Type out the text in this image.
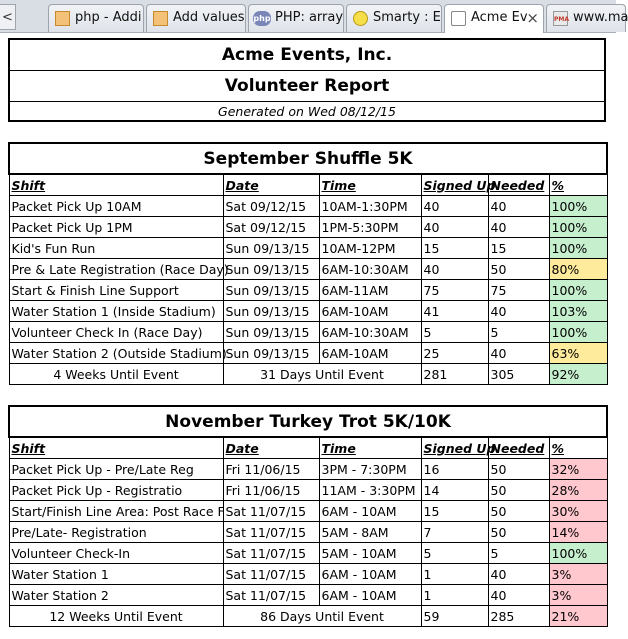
<	php - Addi	Add values php PHP: array	Smarty : E	Acme Ev
×	PMA www.ma
Acme Events, Inc.
Volunteer Report
Generated on Wed 08/12/15
September Shuffle 5K					
Shift	Date	Time	Signed Up	Needed	%
Packet Pick Up 10AM	Sat 09/12/15	10AM-1:30PM	40	40	100%
Packet Pick Up 1PM	Sat 09/12/15	1PM-5:30PM	40	40	100%
Kid's Fun Run	Sun 09/13/15	10AM-12PM	15	15	100%
Pre & Late Registration (Race Day)	Sun 09/13/15	6AM-10:30AM	40	50	80%
Start & Finish Line Support	Sun 09/13/15	6AM-11AM	75	75	100%
Water Station 1 (Inside Stadium)	Sun 09/13/15	6AM-10AM	41	40	103%
Volunteer Check In (Race Day)	Sun 09/13/15	6AM-10:30AM	5	5	100%
Water Station 2 (Outside Stadium)	Sun 09/13/15	6AM-10AM	25	40	63%
4 Weeks Until Event	31 Days Until Event		281	305	92%
November Turkey Trot 5K/10K					
Shift	Date	Time	Signed Up	Needed	%
Packet Pick Up - Pre/Late Reg	Fri 11/06/15	3PM - 7:30PM	16	50	32%
Packet Pick Up - Registratio	Fri 11/06/15	11AM - 3:30PM	14	50	28%
Start/Finish Line Area: Post Race F	Sat 11/07/15	6AM - 10AM	15	50	30%
Pre/Late- Registration	Sat 11/07/15	5AM - 8AM	7	50	14%
Volunteer Check-In	Sat 11/07/15	5AM - 10AM	5	5	100%
Water Station 1	Sat 11/07/15	6AM - 10AM	1	40	3%
Water Station 2	Sat 11/07/15	6AM - 10AM	1	40	3%
12 Weeks Until Event	86 Days Until Event		59	285	21%
